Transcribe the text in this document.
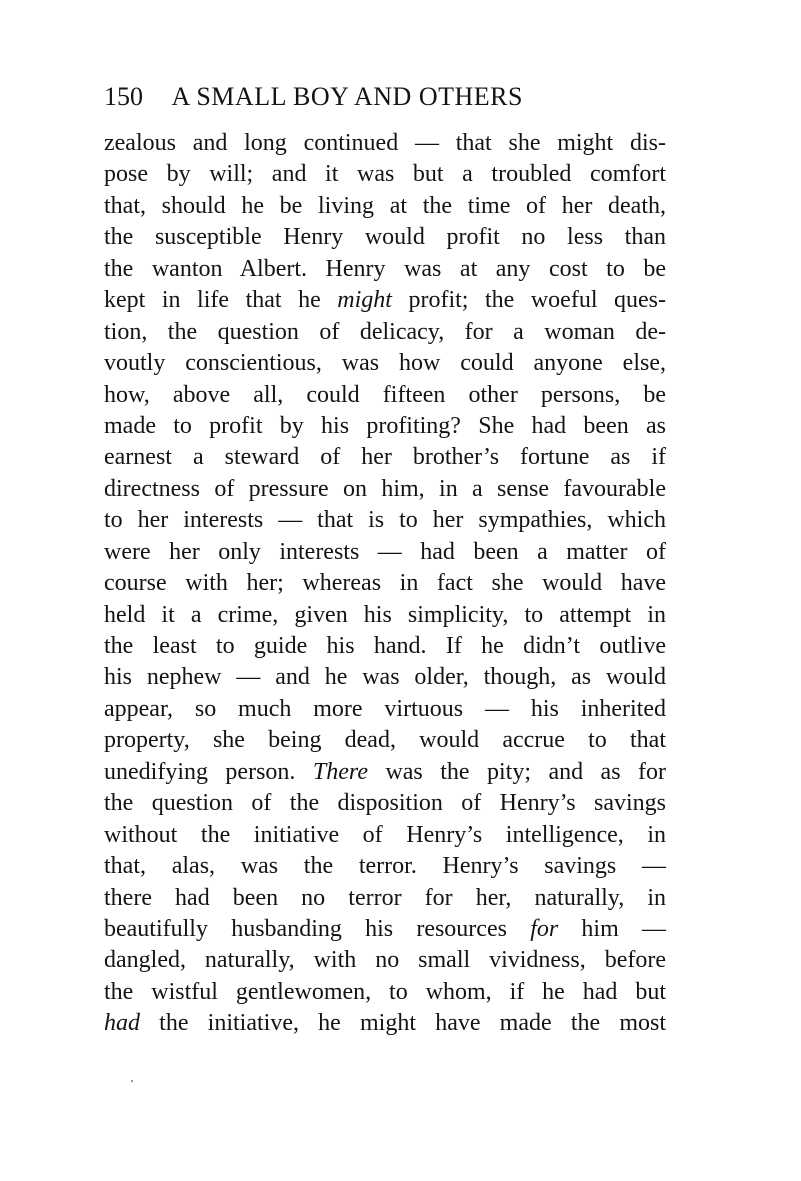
150 A SMALL BOY AND OTHERS
zealous and long continued — that she might dis-
pose by will; and it was but a troubled comfort
that, should he be living at the time of her death,
the susceptible Henry would profit no less than
the wanton Albert. Henry was at any cost to be
kept in life that he might profit; the woeful ques-
tion, the question of delicacy, for a woman de-
voutly conscientious, was how could anyone else,
how, above all, could fifteen other persons, be
made to profit by his profiting? She had been as
earnest a steward of her brother’s fortune as if
directness of pressure on him, in a sense favourable
to her interests — that is to her sympathies, which
were her only interests — had been a matter of
course with her; whereas in fact she would have
held it a crime, given his simplicity, to attempt in
the least to guide his hand. If he didn’t outlive
his nephew — and he was older, though, as would
appear, so much more virtuous — his inherited
property, she being dead, would accrue to that
unedifying person. There was the pity; and as for
the question of the disposition of Henry’s savings
without the initiative of Henry’s intelligence, in
that, alas, was the terror. Henry’s savings —
there had been no terror for her, naturally, in
beautifully husbanding his resources for him —
dangled, naturally, with no small vividness, before
the wistful gentlewomen, to whom, if he had but
had the initiative, he might have made the most
